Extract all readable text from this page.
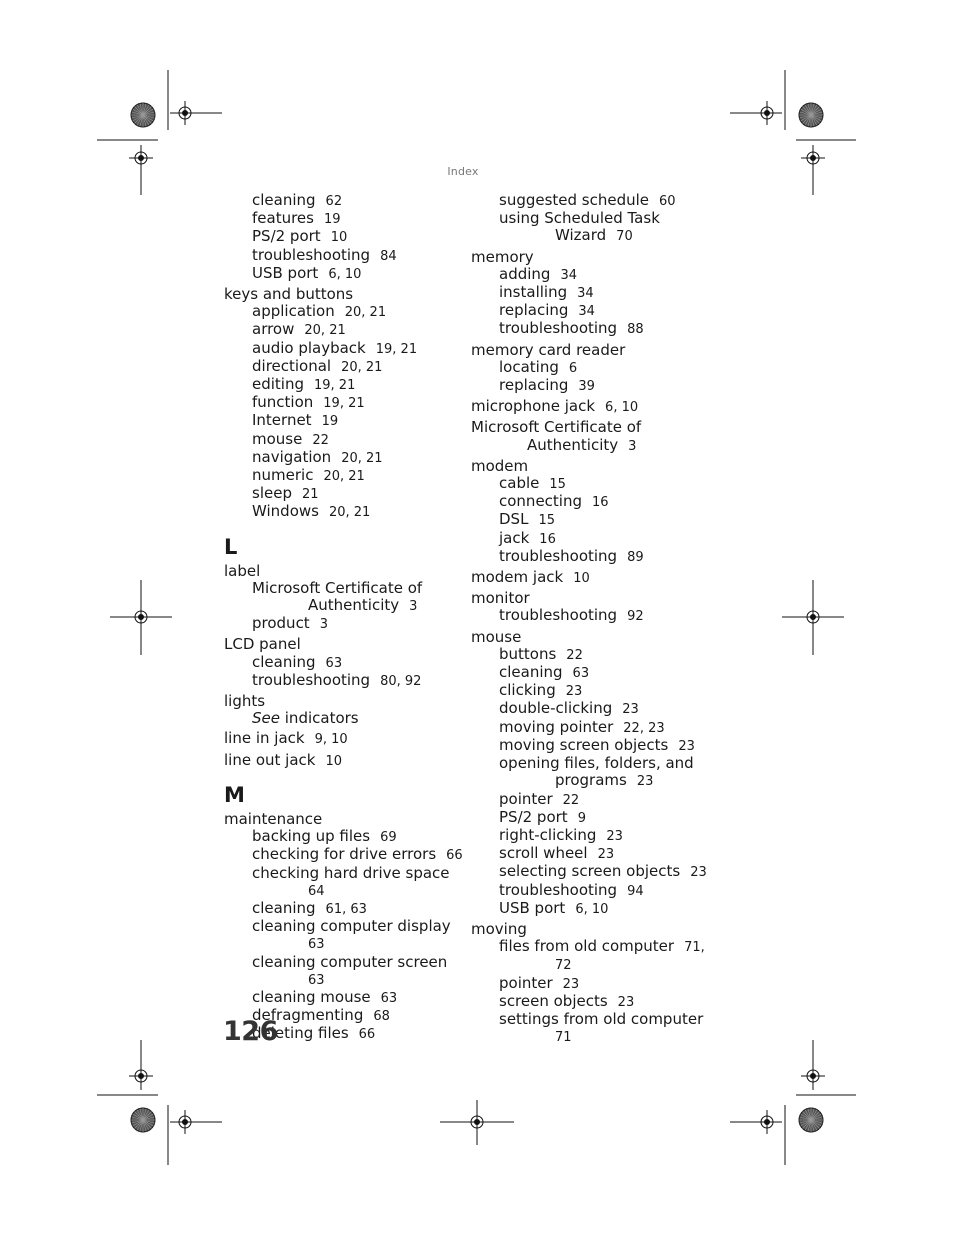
Index
cleaning 62
features 19
PS/2 port 10
troubleshooting 84
USB port 6, 10
keys and buttons
application 20, 21
arrow 20, 21
audio playback 19, 21
directional 20, 21
editing 19, 21
function 19, 21
Internet 19
mouse 22
navigation 20, 21
numeric 20, 21
sleep 21
Windows 20, 21
L
label
Microsoft Certificate of
Authenticity 3
product 3
LCD panel
cleaning 63
troubleshooting 80, 92
lights
See indicators
line in jack 9, 10
line out jack 10
M
maintenance
backing up files 69
checking for drive errors 66
checking hard drive space
64
cleaning 61, 63
cleaning computer display
63
cleaning computer screen
63
cleaning mouse 63
defragmenting 68
deleting files 66
suggested schedule 60
using Scheduled Task
Wizard 70
memory
adding 34
installing 34
replacing 34
troubleshooting 88
memory card reader
locating 6
replacing 39
microphone jack 6, 10
Microsoft Certificate of
Authenticity 3
modem
cable 15
connecting 16
DSL 15
jack 16
troubleshooting 89
modem jack 10
monitor
troubleshooting 92
mouse
buttons 22
cleaning 63
clicking 23
double-clicking 23
moving pointer 22, 23
moving screen objects 23
opening files, folders, and
programs 23
pointer 22
PS/2 port 9
right-clicking 23
scroll wheel 23
selecting screen objects 23
troubleshooting 94
USB port 6, 10
moving
files from old computer 71,
72
pointer 23
screen objects 23
settings from old computer
71
126
